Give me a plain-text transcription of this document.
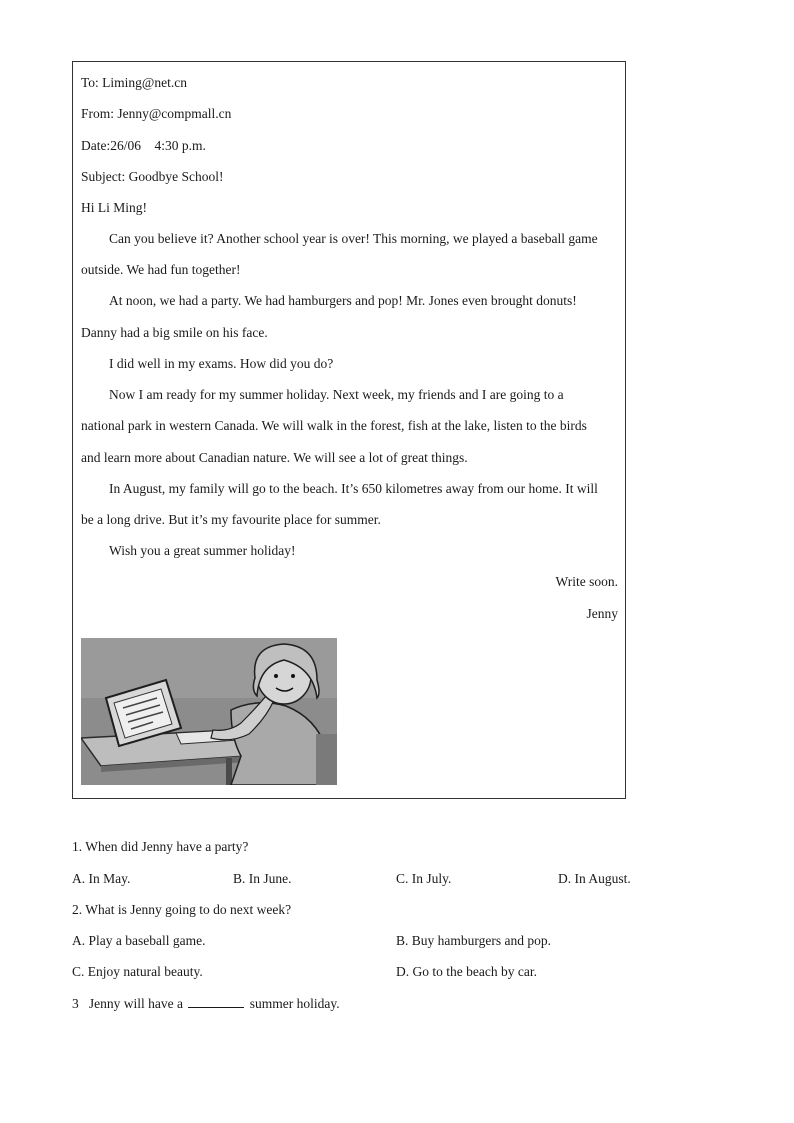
To: Liming@net.cn
From: Jenny@compmall.cn
Date:26/06    4:30 p.m.
Subject: Goodbye School!
Hi Li Ming!
Can you believe it? Another school year is over! This morning, we played a baseball game
outside. We had fun together!
At noon, we had a party. We had hamburgers and pop! Mr. Jones even brought donuts!
Danny had a big smile on his face.
I did well in my exams. How did you do?
Now I am ready for my summer holiday. Next week, my friends and I are going to a
national park in western Canada. We will walk in the forest, fish at the lake, listen to the birds
and learn more about Canadian nature. We will see a lot of great things.
In August, my family will go to the beach. It’s 650 kilometres away from our home. It will
be a long drive. But it’s my favourite place for summer.
Wish you a great summer holiday!
Write soon.
Jenny
1. When did Jenny have a party?
A. In May.	B. In June.	C. In July.	D. In August.
2. What is Jenny going to do next week?
A. Play a baseball game.	B. Buy hamburgers and pop.
C. Enjoy natural beauty.	D. Go to the beach by car.
3   Jenny will have a	summer holiday.
